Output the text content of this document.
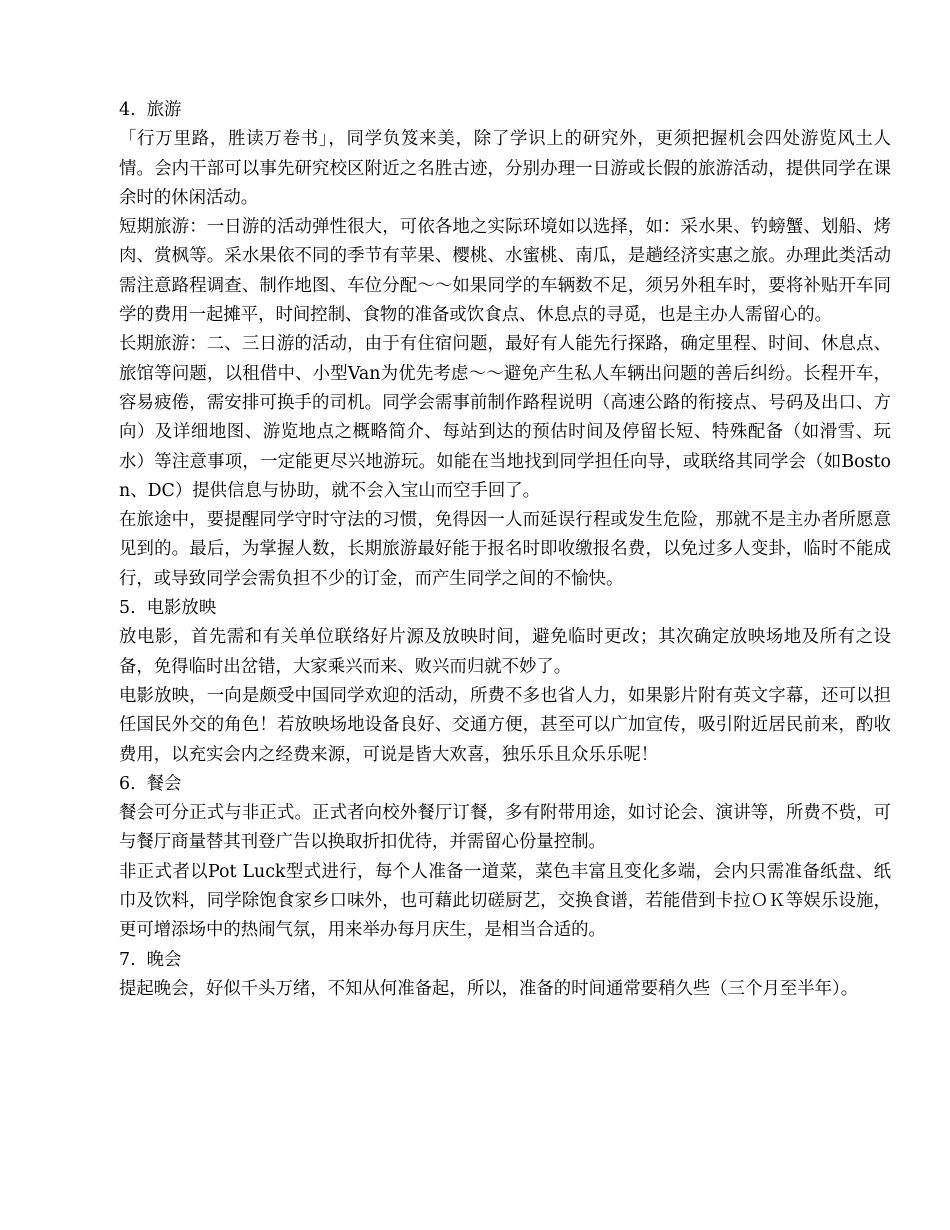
4.  旅游
「行万里路，胜读万卷书」，同学负笈来美，除了学识上的研究外，更须把握机会四处游览风土人情。会内干部可以事先研究校区附近之名胜古迹，分别办理一日游或长假的旅游活动，提供同学在课余时的休闲活动。
短期旅游：一日游的活动弹性很大，可依各地之实际环境如以选择，如：采水果、钓螃蟹、划船、烤肉、赏枫等。采水果依不同的季节有苹果、樱桃、水蜜桃、南瓜，是趟经济实惠之旅。办理此类活动需注意路程调查、制作地图、车位分配～～如果同学的车辆数不足，须另外租车时，要将补贴开车同学的费用一起摊平，时间控制、食物的准备或饮食点、休息点的寻觅，也是主办人需留心的。
长期旅游：二、三日游的活动，由于有住宿问题，最好有人能先行探路，确定里程、时间、休息点、旅馆等问题，以租借中、小型Van为优先考虑～～避免产生私人车辆出问题的善后纠纷。长程开车，容易疲倦，需安排可换手的司机。同学会需事前制作路程说明（高速公路的衔接点、号码及出口、方向）及详细地图、游览地点之概略简介、每站到达的预估时间及停留长短、特殊配备（如滑雪、玩水）等注意事项，一定能更尽兴地游玩。如能在当地找到同学担任向导，或联络其同学会（如Boston、DC）提供信息与协助，就不会入宝山而空手回了。
在旅途中，要提醒同学守时守法的习惯，免得因一人而延误行程或发生危险，那就不是主办者所愿意见到的。最后，为掌握人数，长期旅游最好能于报名时即收缴报名费，以免过多人变卦，临时不能成行，或导致同学会需负担不少的订金，而产生同学之间的不愉快。
5.  电影放映
放电影，首先需和有关单位联络好片源及放映时间，避免临时更改；其次确定放映场地及所有之设备，免得临时出岔错，大家乘兴而来、败兴而归就不妙了。
电影放映，一向是颇受中国同学欢迎的活动，所费不多也省人力，如果影片附有英文字幕，还可以担任国民外交的角色！若放映场地设备良好、交通方便，甚至可以广加宣传，吸引附近居民前来，酌收费用，以充实会内之经费来源，可说是皆大欢喜，独乐乐且众乐乐呢！
6.  餐会
餐会可分正式与非正式。正式者向校外餐厅订餐，多有附带用途，如讨论会、演讲等，所费不赀，可与餐厅商量替其刊登广告以换取折扣优待，并需留心份量控制。
非正式者以Pot Luck型式进行，每个人准备一道菜，菜色丰富且变化多端，会内只需准备纸盘、纸巾及饮料，同学除饱食家乡口味外，也可藉此切磋厨艺，交换食谱，若能借到卡拉ＯＫ等娱乐设施，更可增添场中的热闹气氛，用来举办每月庆生，是相当合适的。
7.  晚会
提起晚会，好似千头万绪，不知从何准备起，所以，准备的时间通常要稍久些（三个月至半年）。
